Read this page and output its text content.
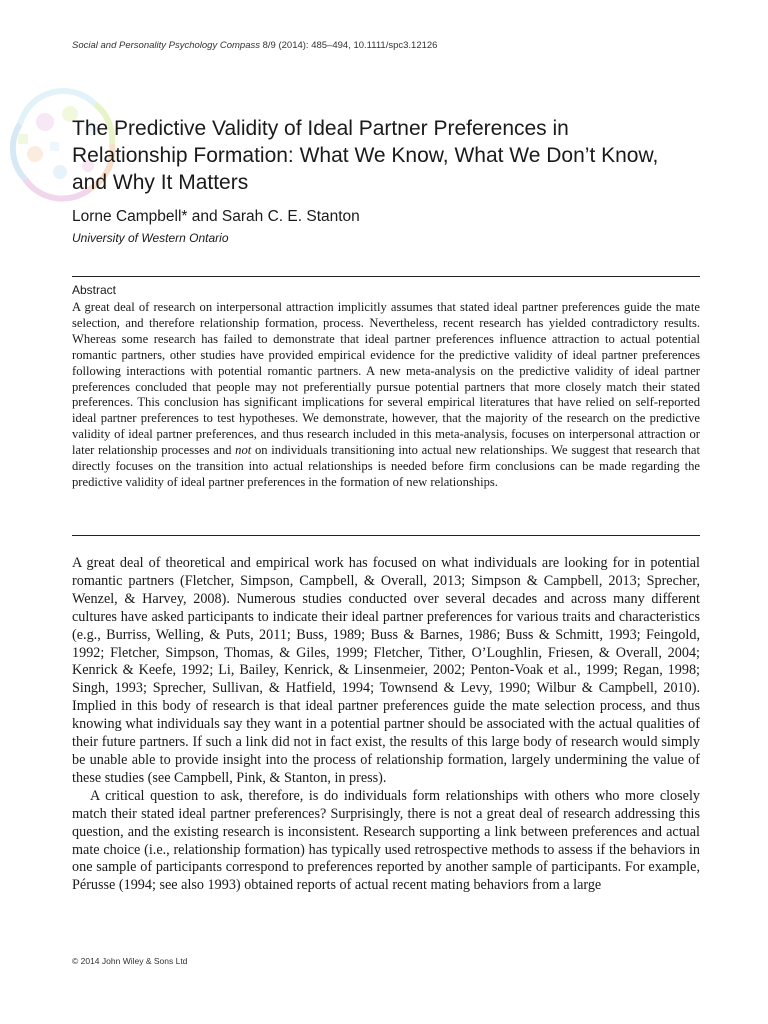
Social and Personality Psychology Compass 8/9 (2014): 485–494, 10.1111/spc3.12126
The Predictive Validity of Ideal Partner Preferences in Relationship Formation: What We Know, What We Don’t Know, and Why It Matters
Lorne Campbell* and Sarah C. E. Stanton
University of Western Ontario
Abstract

A great deal of research on interpersonal attraction implicitly assumes that stated ideal partner preferences guide the mate selection, and therefore relationship formation, process. Nevertheless, recent research has yielded contradictory results. Whereas some research has failed to demonstrate that ideal partner preferences influence attraction to actual potential romantic partners, other studies have provided empirical evidence for the predictive validity of ideal partner preferences following interactions with potential romantic partners. A new meta-analysis on the predictive validity of ideal partner preferences concluded that people may not preferentially pursue potential partners that more closely match their stated preferences. This conclusion has significant implications for several empirical literatures that have relied on self-reported ideal partner preferences to test hypotheses. We demonstrate, however, that the majority of the research on the predictive validity of ideal partner preferences, and thus research included in this meta-analysis, focuses on interpersonal attraction or later relationship processes and not on individuals transitioning into actual new relationships. We suggest that research that directly focuses on the transition into actual relationships is needed before firm conclusions can be made regarding the predictive validity of ideal partner preferences in the formation of new relationships.

A great deal of theoretical and empirical work has focused on what individuals are looking for in potential romantic partners (Fletcher, Simpson, Campbell, & Overall, 2013; Simpson & Campbell, 2013; Sprecher, Wenzel, & Harvey, 2008). Numerous studies conducted over several decades and across many different cultures have asked participants to indicate their ideal partner preferences for various traits and characteristics (e.g., Burriss, Welling, & Puts, 2011; Buss, 1989; Buss & Barnes, 1986; Buss & Schmitt, 1993; Feingold, 1992; Fletcher, Simpson, Thomas, & Giles, 1999; Fletcher, Tither, O’Loughlin, Friesen, & Overall, 2004; Kenrick & Keefe, 1992; Li, Bailey, Kenrick, & Linsenmeier, 2002; Penton-Voak et al., 1999; Regan, 1998; Singh, 1993; Sprecher, Sullivan, & Hatfield, 1994; Townsend & Levy, 1990; Wilbur & Campbell, 2010). Implied in this body of research is that ideal partner preferences guide the mate selection process, and thus knowing what individuals say they want in a potential partner should be associated with the actual qualities of their future partners. If such a link did not in fact exist, the results of this large body of research would simply be unable able to provide insight into the process of relationship formation, largely undermining the value of these studies (see Campbell, Pink, & Stanton, in press).

A critical question to ask, therefore, is do individuals form relationships with others who more closely match their stated ideal partner preferences? Surprisingly, there is not a great deal of research addressing this question, and the existing research is inconsistent. Research supporting a link between preferences and actual mate choice (i.e., relationship formation) has typically used retrospective methods to assess if the behaviors in one sample of participants correspond to preferences reported by another sample of participants. For example, Pérusse (1994; see also 1993) obtained reports of actual recent mating behaviors from a large

© 2014 John Wiley & Sons Ltd
